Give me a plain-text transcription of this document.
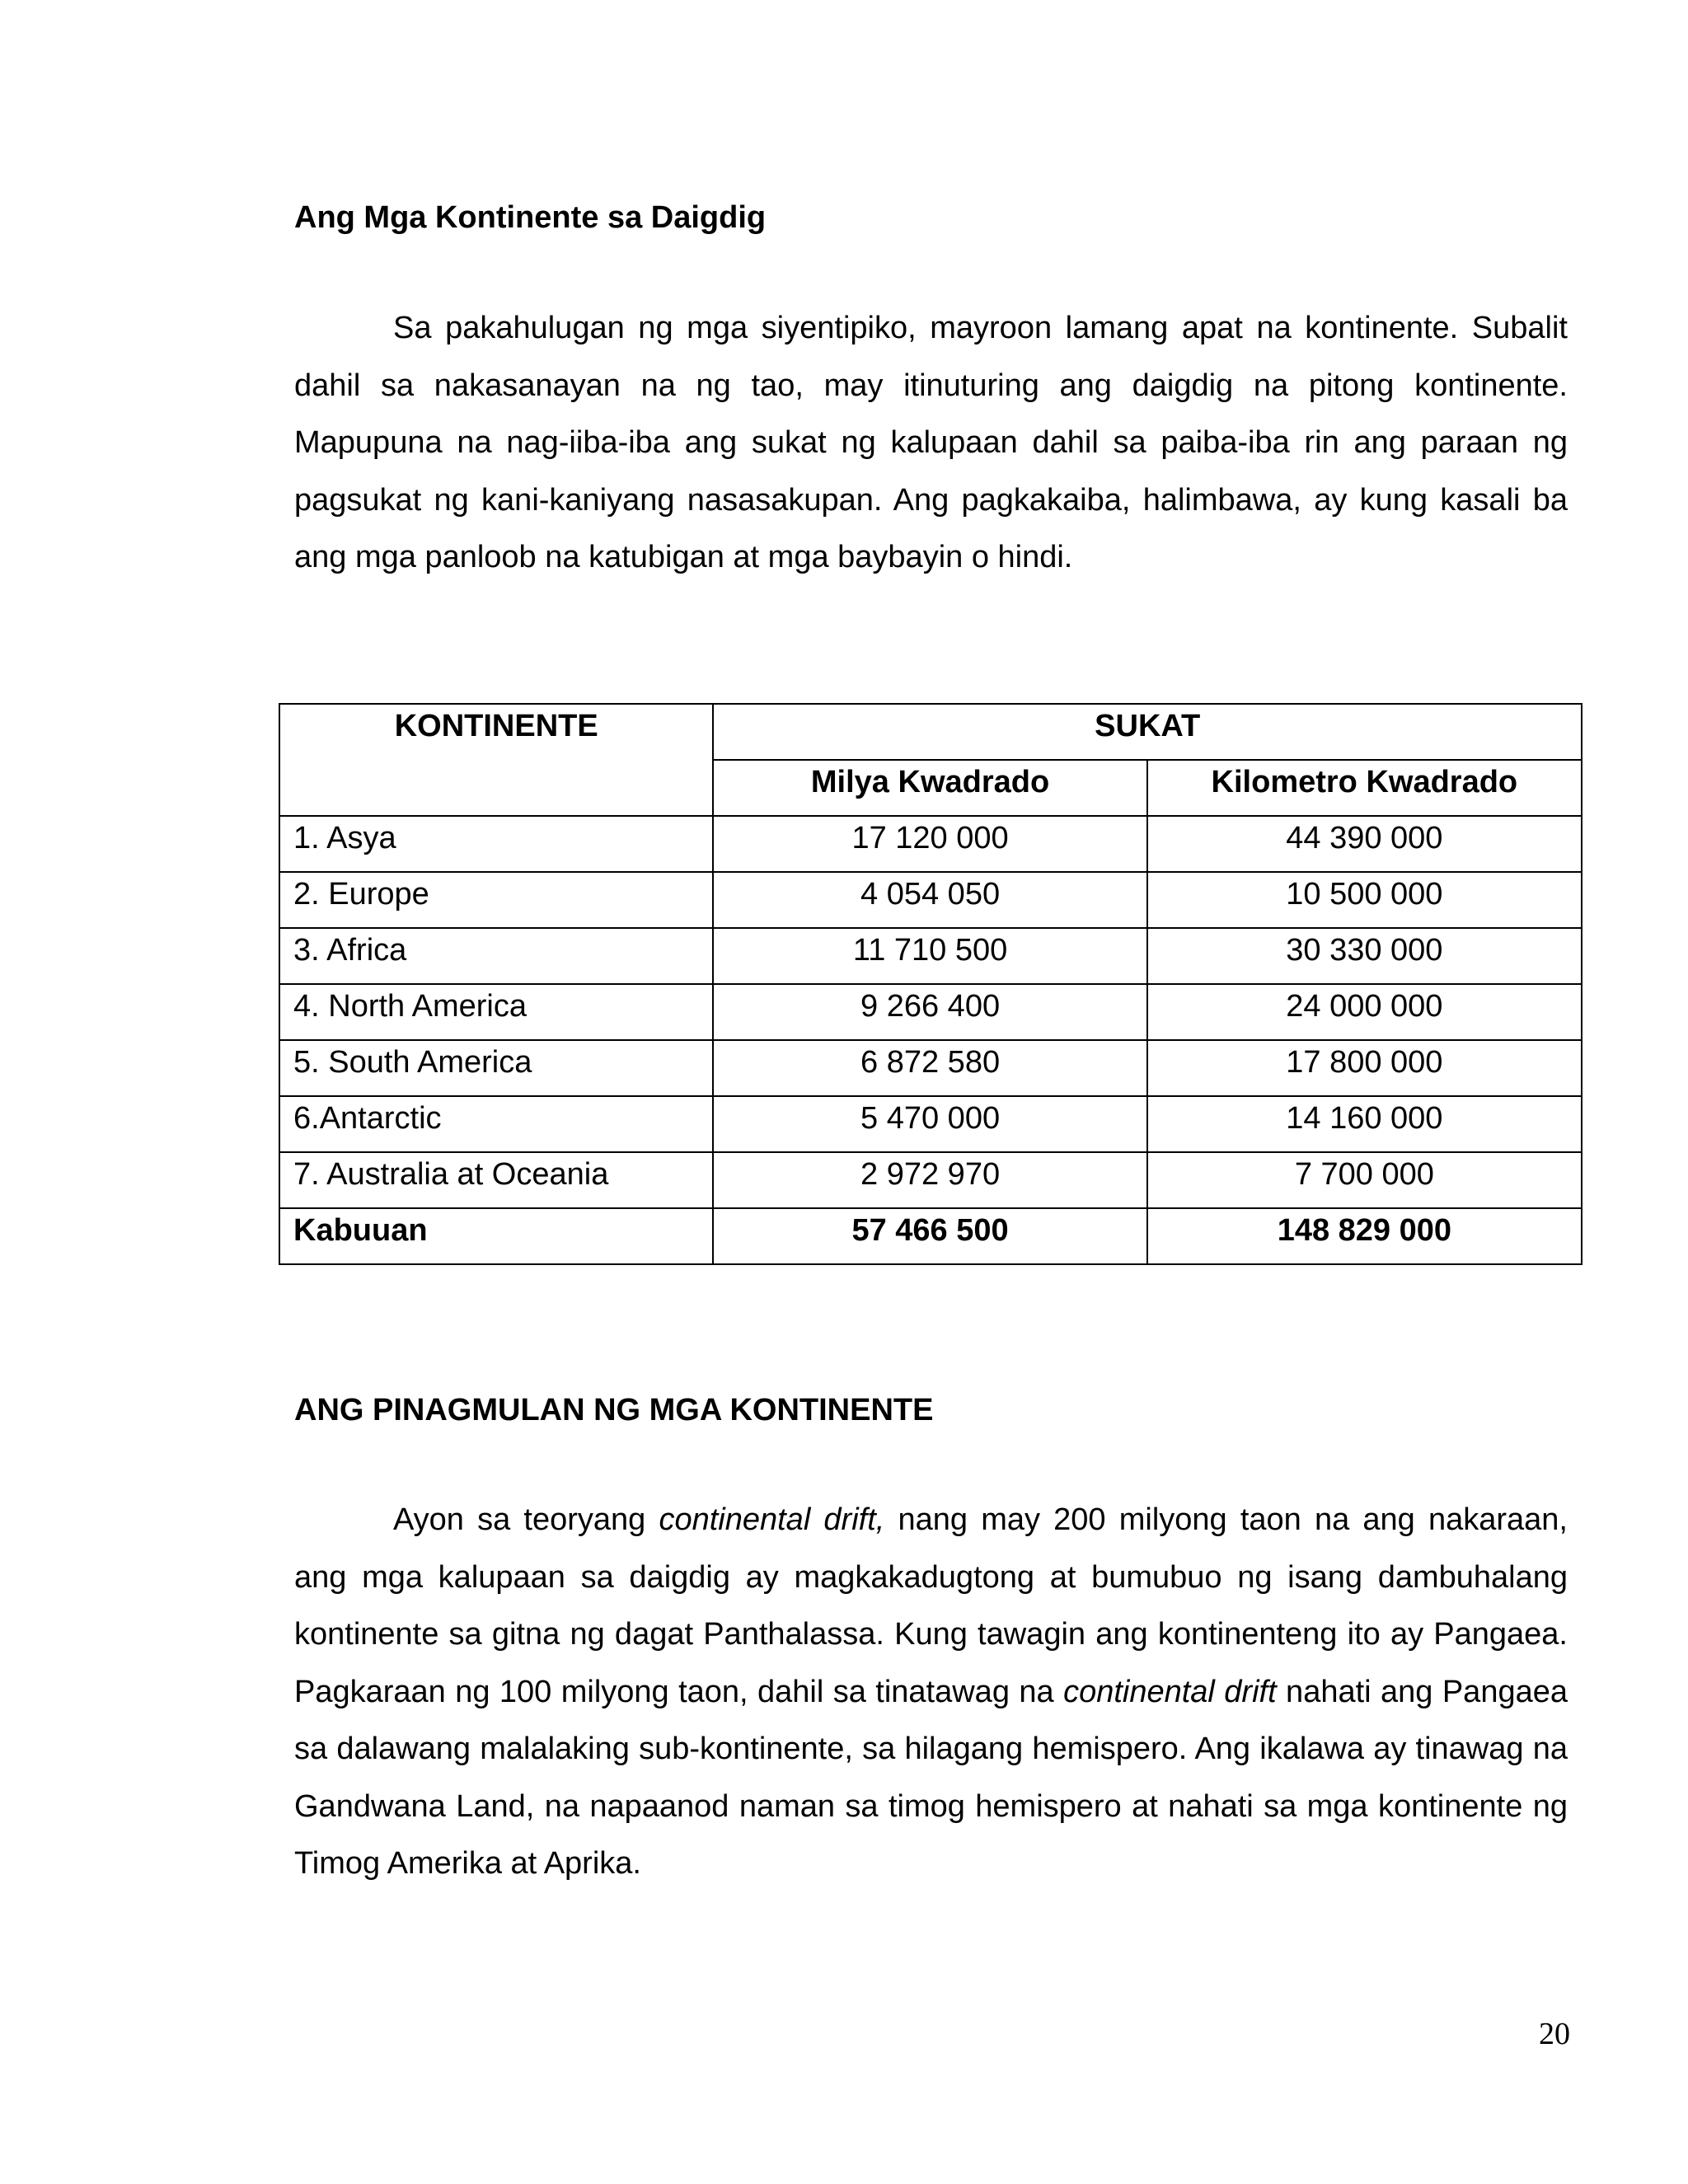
Ang Mga Kontinente sa Daigdig

Sa pakahulugan ng mga siyentipiko, mayroon lamang apat na kontinente. Subalit dahil sa nakasanayan na ng tao, may itinuturing ang daigdig na pitong kontinente. Mapupuna na nag-iiba-iba ang sukat ng kalupaan dahil sa paiba-iba rin ang paraan ng pagsukat ng kani-kaniyang nasasakupan. Ang pagkakaiba, halimbawa, ay kung kasali ba ang mga panloob na katubigan at mga baybayin o hindi.

KONTINENTE	SUKAT	
	Milya Kwadrado	Kilometro Kwadrado
1. Asya	17 120 000	44 390 000
2. Europe	4 054 050	10 500 000
3. Africa	11 710 500	30 330 000
4. North America	9 266 400	24 000 000
5. South America	6 872 580	17 800 000
6.Antarctic	5 470 000	14 160 000
7. Australia at Oceania	2 972 970	7 700 000
Kabuuan	57 466 500	148 829 000
ANG PINAGMULAN NG MGA KONTINENTE

Ayon sa teoryang continental drift, nang may 200 milyong taon na ang nakaraan, ang mga kalupaan sa daigdig ay magkakadugtong at bumubuo ng isang dambuhalang kontinente sa gitna ng dagat Panthalassa. Kung tawagin ang kontinenteng ito ay Pangaea. Pagkaraan ng 100 milyong taon, dahil sa tinatawag na continental drift nahati ang Pangaea sa dalawang malalaking sub-kontinente, sa hilagang hemispero. Ang ikalawa ay tinawag na Gandwana Land, na napaanod naman sa timog hemispero at nahati sa mga kontinente ng Timog Amerika at Aprika.

20
